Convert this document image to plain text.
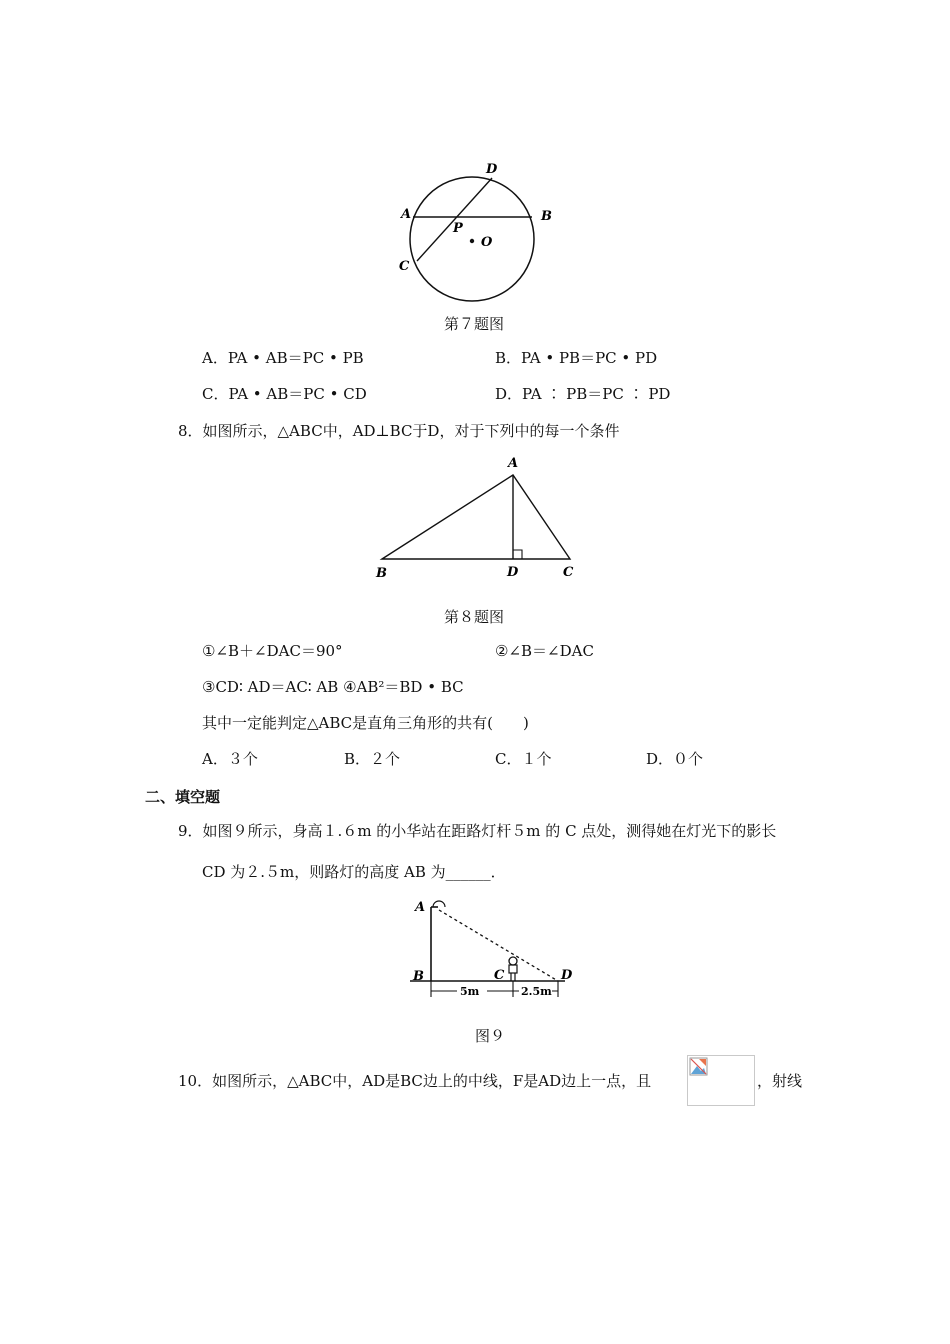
D
A	B
P
O
C
第７题图
A．PA • AB＝PC • PB	B．PA • PB＝PC • PD
C．PA • AB＝PC • CD	D．PA ∶ PB＝PC ∶ PD
8．如图所示，△ABC中，AD⊥BC于D，对于下列中的每一个条件
A
B	D	C
第８题图
①∠B＋∠DAC＝90°	②∠B＝∠DAC
③CD∶ AD＝AC∶ AB ④AB²＝BD • BC
其中一定能判定△ABC是直角三角形的共有(　　)
A．３个	B．２个	C．１个	D．０个
二、填空题
9．如图９所示，身高１.６m 的小华站在距路灯杆５m 的 C 点处，测得她在灯光下的影长
CD 为２.５m，则路灯的高度 AB 为______．
A
B	C	D
5m	2.5m
图９
10．如图所示，△ABC中，AD是BC边上的中线，F是AD边上一点，且	，射线
